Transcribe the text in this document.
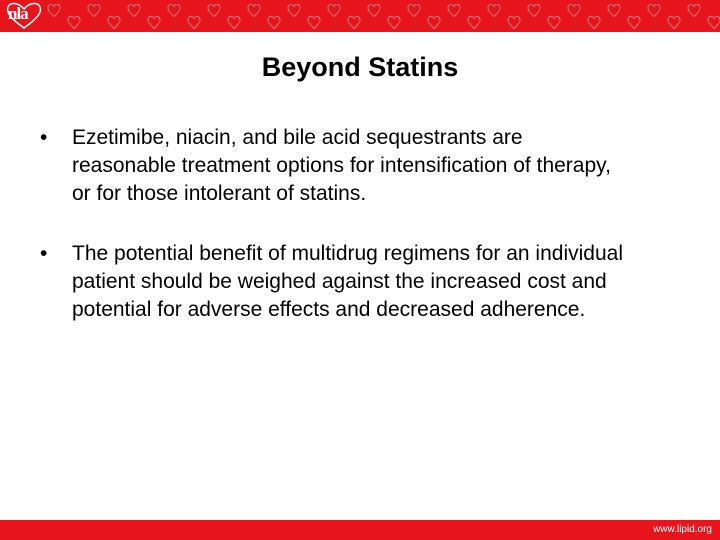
nla
Beyond Statins
• Ezetimibe, niacin, and bile acid sequestrants are reasonable treatment options for intensification of therapy, or for those intolerant of statins.
• The potential benefit of multidrug regimens for an individual patient should be weighed against the increased cost and potential for adverse effects and decreased adherence.
www.lipid.org
